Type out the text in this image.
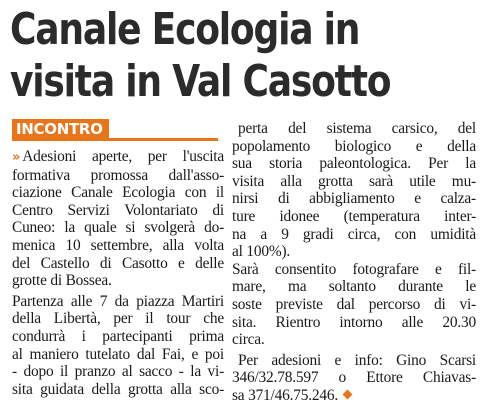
Canale Ecologia in
visita in Val Casotto
INCONTRO
» Adesioni aperte, per l'uscita
formativa promossa dall'asso-
ciazione Canale Ecologia con il
Centro Servizi Volontariato di
Cuneo: la quale si svolgerà do-
menica 10 settembre, alla volta
del Castello di Casotto e delle
grotte di Bossea.
Partenza alle 7 da piazza Martiri
della Libertà, per il tour che
condurrà i partecipanti prima
al maniero tutelato dal Fai, e poi
- dopo il pranzo al sacco - la vi-
sita guidata della grotta alla sco-
perta del sistema carsico, del
popolamento biologico e della
sua storia paleontologica. Per la
visita alla grotta sarà utile mu-
nirsi di abbigliamento e calza-
ture idonee (temperatura inter-
na a 9 gradi circa, con umidità
al 100%).
Sarà consentito fotografare e fil-
mare, ma soltanto durante le
soste previste dal percorso di vi-
sita. Rientro intorno alle 20.30
circa.
Per adesioni e info: Gino Scarsi
346/32.78.597 o Ettore Chiavas-
sa 371/46.75.246.
